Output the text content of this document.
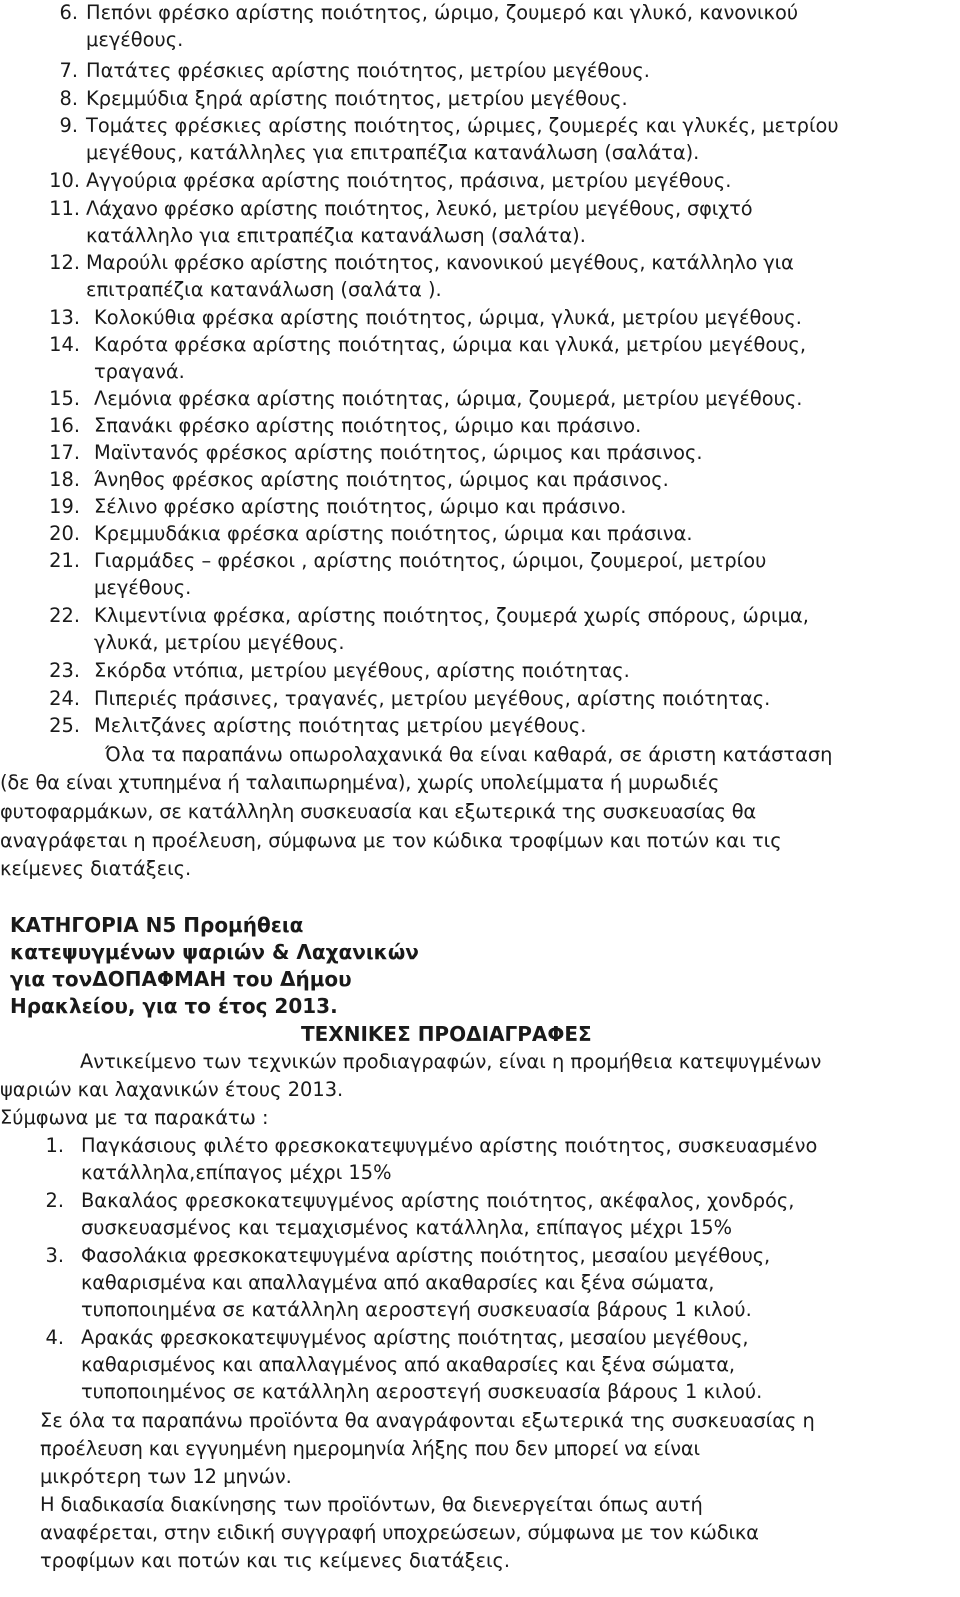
6. Πεπόνι φρέσκο αρίστης ποιότητος, ώριμο, ζουμερό και γλυκό, κανονικού
μεγέθους.
7. Πατάτες φρέσκιες αρίστης ποιότητος, μετρίου μεγέθους.
8. Κρεμμύδια ξηρά αρίστης ποιότητος, μετρίου μεγέθους.
9. Τομάτες φρέσκιες αρίστης ποιότητος, ώριμες, ζουμερές και γλυκές, μετρίου
μεγέθους, κατάλληλες για επιτραπέζια κατανάλωση (σαλάτα).
10. Αγγούρια φρέσκα αρίστης ποιότητος, πράσινα, μετρίου μεγέθους.
11. Λάχανο φρέσκο αρίστης ποιότητος, λευκό, μετρίου μεγέθους, σφιχτό
κατάλληλο για επιτραπέζια κατανάλωση (σαλάτα).
12. Μαρούλι φρέσκο αρίστης ποιότητος, κανονικού μεγέθους, κατάλληλο για
επιτραπέζια κατανάλωση (σαλάτα ).
13. Κολοκύθια φρέσκα αρίστης ποιότητος, ώριμα, γλυκά, μετρίου μεγέθους.
14. Καρότα φρέσκα αρίστης ποιότητας, ώριμα και γλυκά, μετρίου μεγέθους,
τραγανά.
15. Λεμόνια φρέσκα αρίστης ποιότητας, ώριμα, ζουμερά, μετρίου μεγέθους.
16. Σπανάκι φρέσκο αρίστης ποιότητος, ώριμο και πράσινο.
17. Μαϊντανός φρέσκος αρίστης ποιότητος, ώριμος και πράσινος.
18. Άνηθος φρέσκος αρίστης ποιότητος, ώριμος και πράσινος.
19. Σέλινο φρέσκο αρίστης ποιότητος, ώριμο και πράσινο.
20. Κρεμμυδάκια φρέσκα αρίστης ποιότητος, ώριμα και πράσινα.
21. Γιαρμάδες – φρέσκοι , αρίστης ποιότητος, ώριμοι, ζουμεροί, μετρίου
μεγέθους.
22. Κλιμεντίνια φρέσκα, αρίστης ποιότητος, ζουμερά χωρίς σπόρους, ώριμα,
γλυκά, μετρίου μεγέθους.
23. Σκόρδα ντόπια, μετρίου μεγέθους, αρίστης ποιότητας.
24. Πιπεριές πράσινες, τραγανές, μετρίου μεγέθους, αρίστης ποιότητας.
25. Μελιτζάνες αρίστης ποιότητας μετρίου μεγέθους.
Όλα τα παραπάνω οπωρολαχανικά θα είναι καθαρά, σε άριστη κατάσταση
(δε θα είναι χτυπημένα ή ταλαιπωρημένα), χωρίς υπολείμματα ή μυρωδιές
φυτοφαρμάκων, σε κατάλληλη συσκευασία και εξωτερικά της συσκευασίας θα
αναγράφεται η προέλευση, σύμφωνα με τον κώδικα τροφίμων και ποτών και τις
κείμενες διατάξεις.
ΚΑΤΗΓΟΡΙΑ Ν5 Προμήθεια
κατεψυγμένων ψαριών & Λαχανικών
για τονΔΟΠΑΦΜΑΗ του Δήμου
Ηρακλείου, για το έτος 2013.
ΤΕΧΝΙΚΕΣ ΠΡΟΔΙΑΓΡΑΦΕΣ
Αντικείμενο των τεχνικών προδιαγραφών, είναι η προμήθεια κατεψυγμένων
ψαριών και λαχανικών έτους 2013.
Σύμφωνα με τα παρακάτω :
1. Παγκάσιους φιλέτο φρεσκοκατεψυγμένο αρίστης ποιότητος, συσκευασμένο
κατάλληλα,επίπαγος μέχρι 15%
2. Βακαλάος φρεσκοκατεψυγμένος αρίστης ποιότητος, ακέφαλος, χονδρός,
συσκευασμένος και τεμαχισμένος κατάλληλα, επίπαγος μέχρι 15%
3. Φασολάκια φρεσκοκατεψυγμένα αρίστης ποιότητος, μεσαίου μεγέθους,
καθαρισμένα και απαλλαγμένα από ακαθαρσίες και ξένα σώματα,
τυποποιημένα σε κατάλληλη αεροστεγή συσκευασία βάρους 1 κιλού.
4. Αρακάς φρεσκοκατεψυγμένος αρίστης ποιότητας, μεσαίου μεγέθους,
καθαρισμένος και απαλλαγμένος από ακαθαρσίες και ξένα σώματα,
τυποποιημένος σε κατάλληλη αεροστεγή συσκευασία βάρους 1 κιλού.
Σε όλα τα παραπάνω προϊόντα θα αναγράφονται εξωτερικά της συσκευασίας η
προέλευση και εγγυημένη ημερομηνία λήξης που δεν μπορεί να είναι
μικρότερη των 12 μηνών.
Η διαδικασία διακίνησης των προϊόντων, θα διενεργείται όπως αυτή
αναφέρεται, στην ειδική συγγραφή υποχρεώσεων, σύμφωνα με τον κώδικα
τροφίμων και ποτών και τις κείμενες διατάξεις.
